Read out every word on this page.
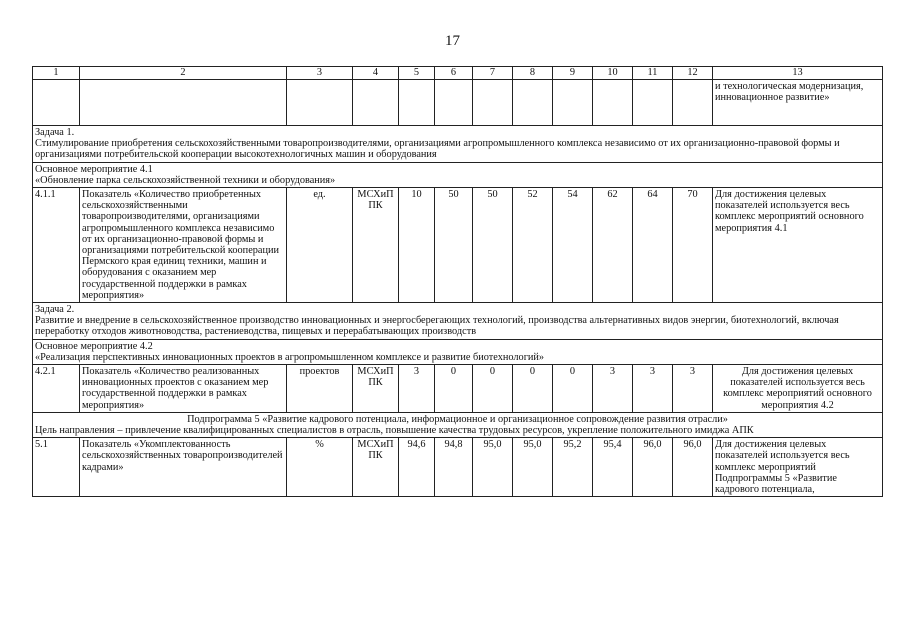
17
1	2	3	4	5	6	7	8	9	10	11	12	13
												и технологическая модернизация, инновационное развитие»

Задача 1.
Стимулирование приобретения сельскохозяйственными товаропроизводителями, организациями агропромышленного комплекса независимо от их организационно-правовой формы и организациями потребительской кооперации высокотехнологичных машин и оборудования												

Основное мероприятие 4.1
«Обновление парка сельскохозяйственной техники и оборудования»												

4.1.1	Показатель «Количество приобретенных сельскохозяйственными товаропроизводителями, организациями агропромышленного комплекса независимо от их организационно-правовой формы и организациями потребительской кооперации Пермского края единиц техники, машин и оборудования с оказанием мер государственной поддержки в рамках мероприятия»	ед.	МСХиП ПК	10	50	50	52	54	62	64	70	Для достижения целевых показателей используется весь комплекс мероприятий основного мероприятия 4.1

Задача 2.
Развитие и внедрение в сельскохозяйственное производство инновационных и энергосберегающих технологий, производства альтернативных видов энергии, биотехнологий, включая переработку отходов животноводства, растениеводства, пищевых и перерабатывающих производств												

Основное мероприятие 4.2
«Реализация перспективных инновационных проектов в агропромышленном комплексе и развитие биотехнологий»												

4.2.1	Показатель «Количество реализованных инновационных проектов с оказанием мер государственной поддержки в рамках мероприятия»	проектов	МСХиП ПК	3	0	0	0	0	3	3	3	Для достижения целевых показателей используется весь комплекс мероприятий основного мероприятия 4.2

Подпрограмма 5 «Развитие кадрового потенциала, информационное и организационное сопровождение развития отрасли»
Цель направления – привлечение квалифицированных специалистов в отрасль, повышение качества трудовых ресурсов, укрепление положительного имиджа АПК												

5.1	Показатель «Укомплектованность сельскохозяйственных товаропроизводителей кадрами»	%	МСХиП ПК	94,6	94,8	95,0	95,0	95,2	95,4	96,0	96,0	Для достижения целевых показателей используется весь комплекс мероприятий Подпрограммы 5 «Развитие кадрового потенциала,
